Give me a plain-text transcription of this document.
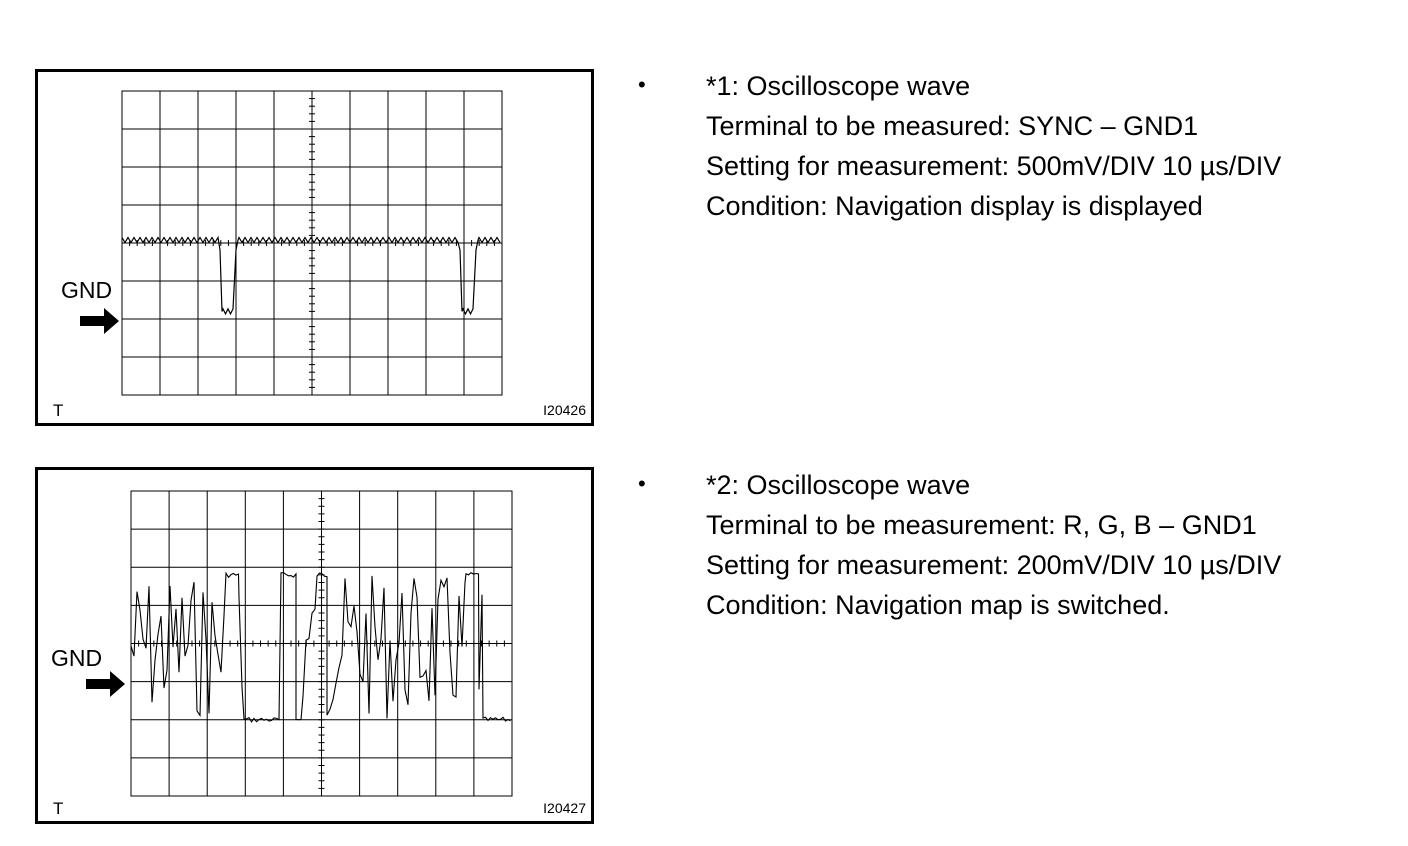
GND
T	I20426
• *1: Oscilloscope wave
Terminal to be measured: SYNC – GND1
Setting for measurement: 500mV/DIV 10 µs/DIV
Condition: Navigation display is displayed
GND
T	I20427
• *2: Oscilloscope wave
Terminal to be measurement: R, G, B – GND1
Setting for measurement: 200mV/DIV 10 µs/DIV
Condition: Navigation map is switched.
